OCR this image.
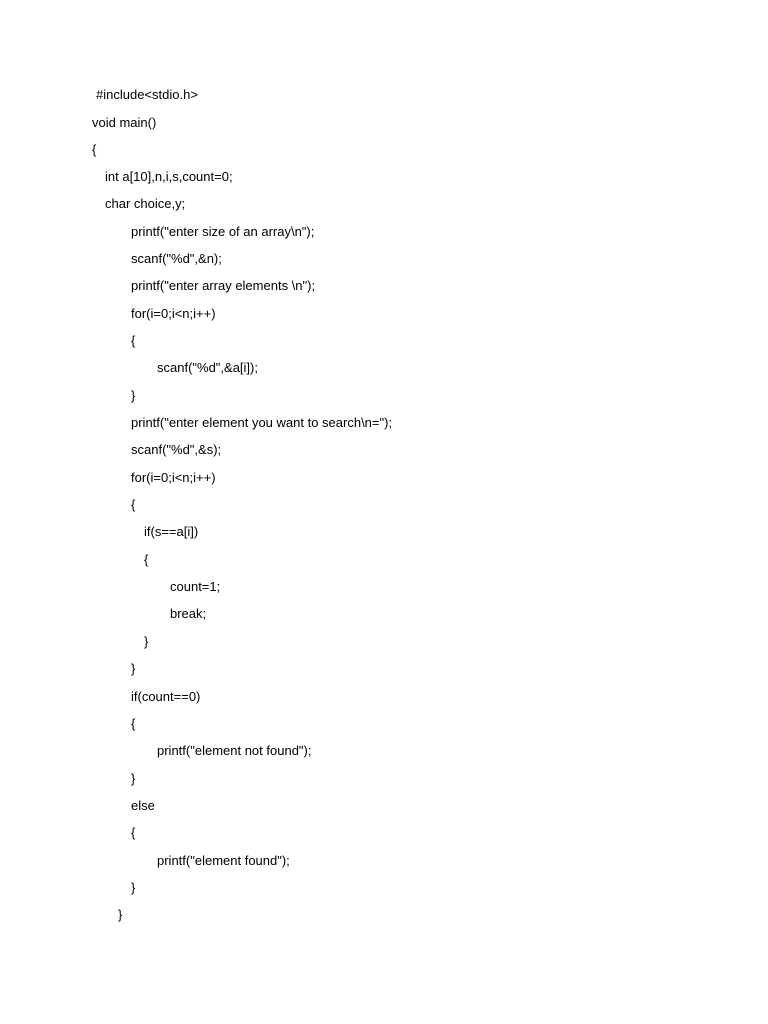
#include<stdio.h>
void main()
{
int a[10],n,i,s,count=0;
char choice,y;
printf("enter size of an array\n");
scanf("%d",&n);
printf("enter array elements \n");
for(i=0;i<n;i++)
{
scanf("%d",&a[i]);
}
printf("enter element you want to search\n=");
scanf("%d",&s);
for(i=0;i<n;i++)
{
if(s==a[i])
{
count=1;
break;
}
}
if(count==0)
{
printf("element not found");
}
else
{
printf("element found");
}
}
